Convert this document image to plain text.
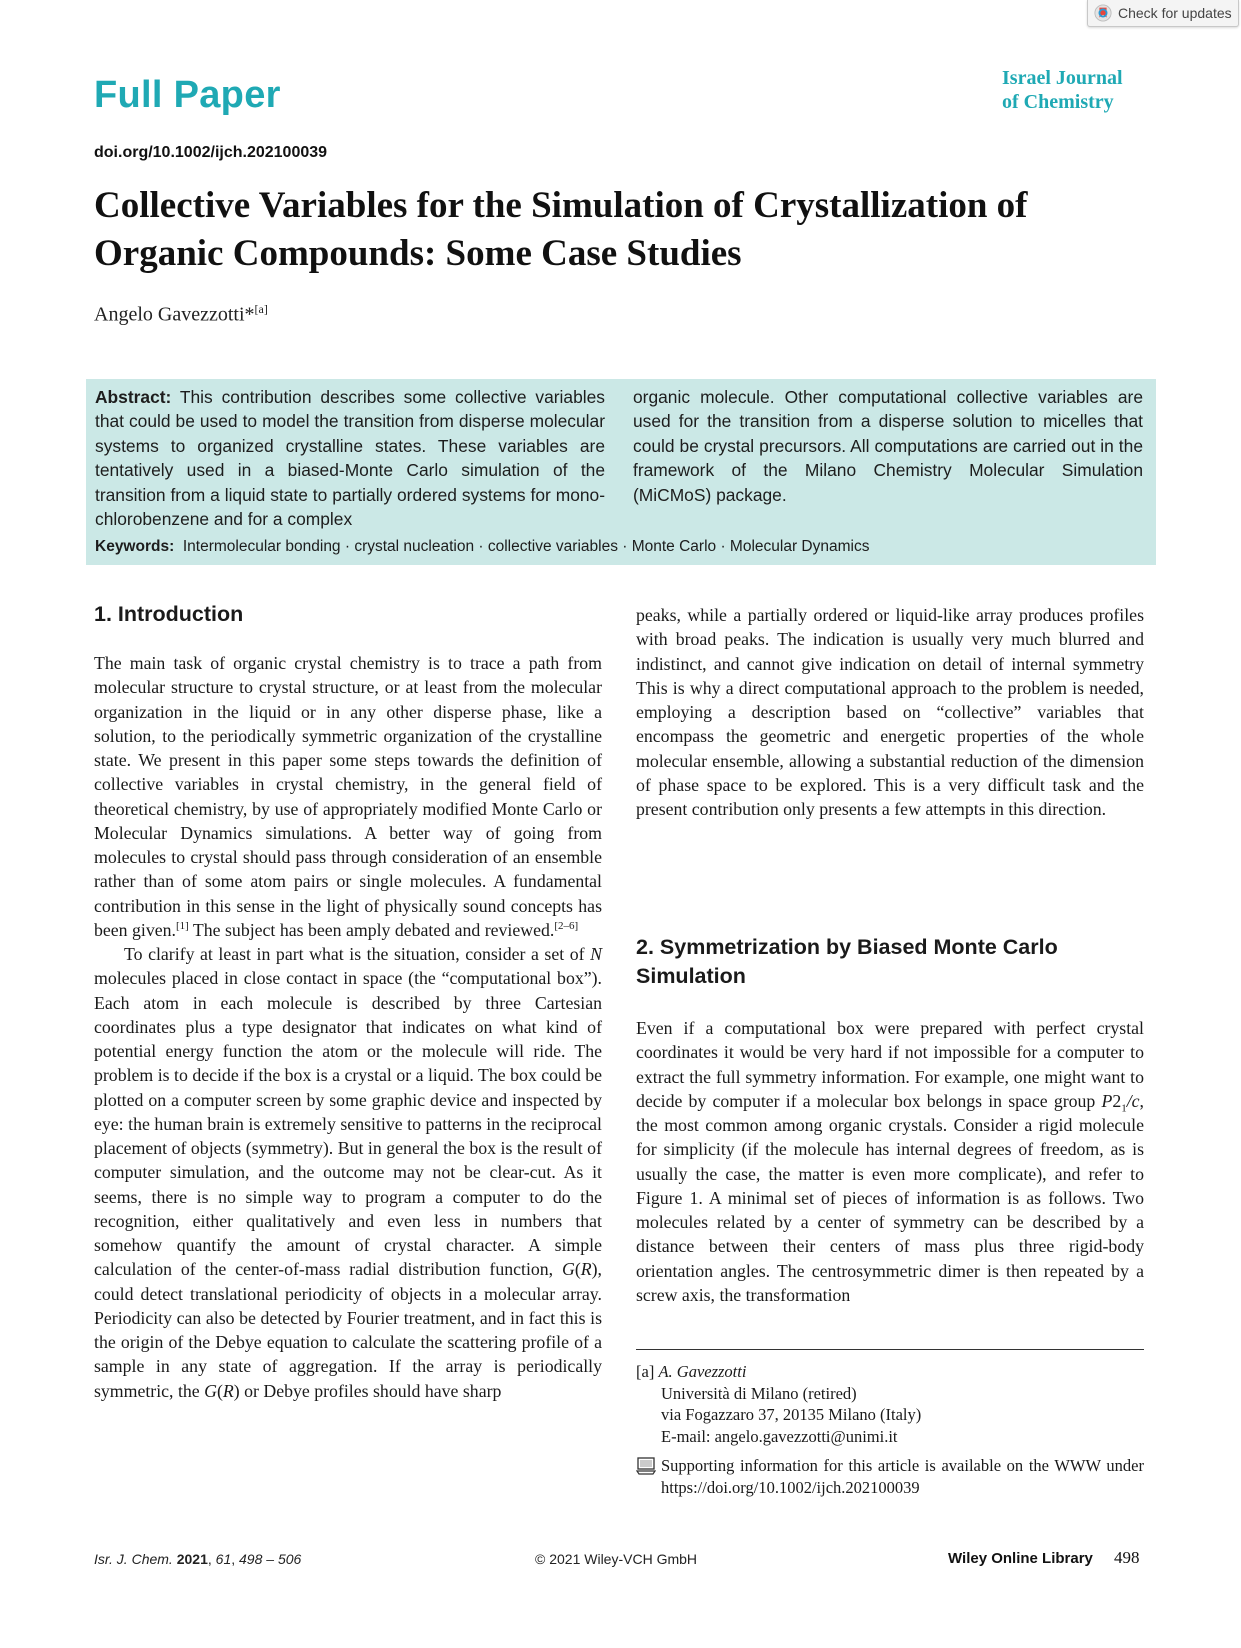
Check for updates
Full Paper	Israel Journal
of Chemistry
doi.org/10.1002/ijch.202100039
Collective Variables for the Simulation of Crystallization of
Organic Compounds: Some Case Studies
Angelo Gavezzotti*[a]
Abstract: This contribution describes some collective variables that could be used to model the transition from disperse molecular systems to organized crystalline states. These variables are tentatively used in a biased-Monte Carlo simulation of the transition from a liquid state to partially ordered systems for mono-chlorobenzene and for a complex
organic molecule. Other computational collective variables are used for the transition from a disperse solution to micelles that could be crystal precursors. All computations are carried out in the framework of the Milano Chemistry Molecular Simulation (MiCMoS) package.
Keywords: Intermolecular bonding · crystal nucleation · collective variables · Monte Carlo · Molecular Dynamics
1. Introduction
2. Symmetrization by Biased Monte Carlo Simulation

The main task of organic crystal chemistry is to trace a path from molecular structure to crystal structure, or at least from the molecular organization in the liquid or in any other disperse phase, like a solution, to the periodically symmetric organization of the crystalline state. We present in this paper some steps towards the definition of collective variables in crystal chemistry, in the general field of theoretical chemistry, by use of appropriately modified Monte Carlo or Molecular Dynamics simulations. A better way of going from molecules to crystal should pass through consideration of an ensemble rather than of some atom pairs or single molecules. A fundamental contribution in this sense in the light of physically sound concepts has been given.[1] The subject has been amply debated and reviewed.[2–6]

To clarify at least in part what is the situation, consider a set of N molecules placed in close contact in space (the “computational box”). Each atom in each molecule is described by three Cartesian coordinates plus a type designator that indicates on what kind of potential energy function the atom or the molecule will ride. The problem is to decide if the box is a crystal or a liquid. The box could be plotted on a computer screen by some graphic device and inspected by eye: the human brain is extremely sensitive to patterns in the reciprocal placement of objects (symmetry). But in general the box is the result of computer simulation, and the outcome may not be clear-cut. As it seems, there is no simple way to program a computer to do the recognition, either qualitatively and even less in numbers that somehow quantify the amount of crystal character. A simple calculation of the center-of-mass radial distribution function, G(R), could detect translational periodicity of objects in a molecular array. Periodicity can also be detected by Fourier treatment, and in fact this is the origin of the Debye equation to calculate the scattering profile of a sample in any state of aggregation. If the array is periodically symmetric, the G(R) or Debye profiles should have sharp

peaks, while a partially ordered or liquid-like array produces profiles with broad peaks. The indication is usually very much blurred and indistinct, and cannot give indication on detail of internal symmetry This is why a direct computational approach to the problem is needed, employing a description based on “collective” variables that encompass the geometric and energetic properties of the whole molecular ensemble, allowing a substantial reduction of the dimension of phase space to be explored. This is a very difficult task and the present contribution only presents a few attempts in this direction.

Even if a computational box were prepared with perfect crystal coordinates it would be very hard if not impossible for a computer to extract the full symmetry information. For example, one might want to decide by computer if a molecular box belongs in space group $P2_1/c$, the most common among organic crystals. Consider a rigid molecule for simplicity (if the molecule has internal degrees of freedom, as is usually the case, the matter is even more complicate), and refer to Figure 1. A minimal set of pieces of information is as follows. Two molecules related by a center of symmetry can be described by a distance between their centers of mass plus three rigid-body orientation angles. The centrosymmetric dimer is then repeated by a screw axis, the transformation

[a] A. Gavezzotti
Università di Milano (retired)
via Fogazzaro 37, 20135 Milano (Italy)
E-mail: angelo.gavezzotti@unimi.it
Supporting information for this article is available on the WWW under https://doi.org/10.1002/ijch.202100039
Isr. J. Chem. 2021, 61, 498 – 506	© 2021 Wiley-VCH GmbH	Wiley Online Library 498
